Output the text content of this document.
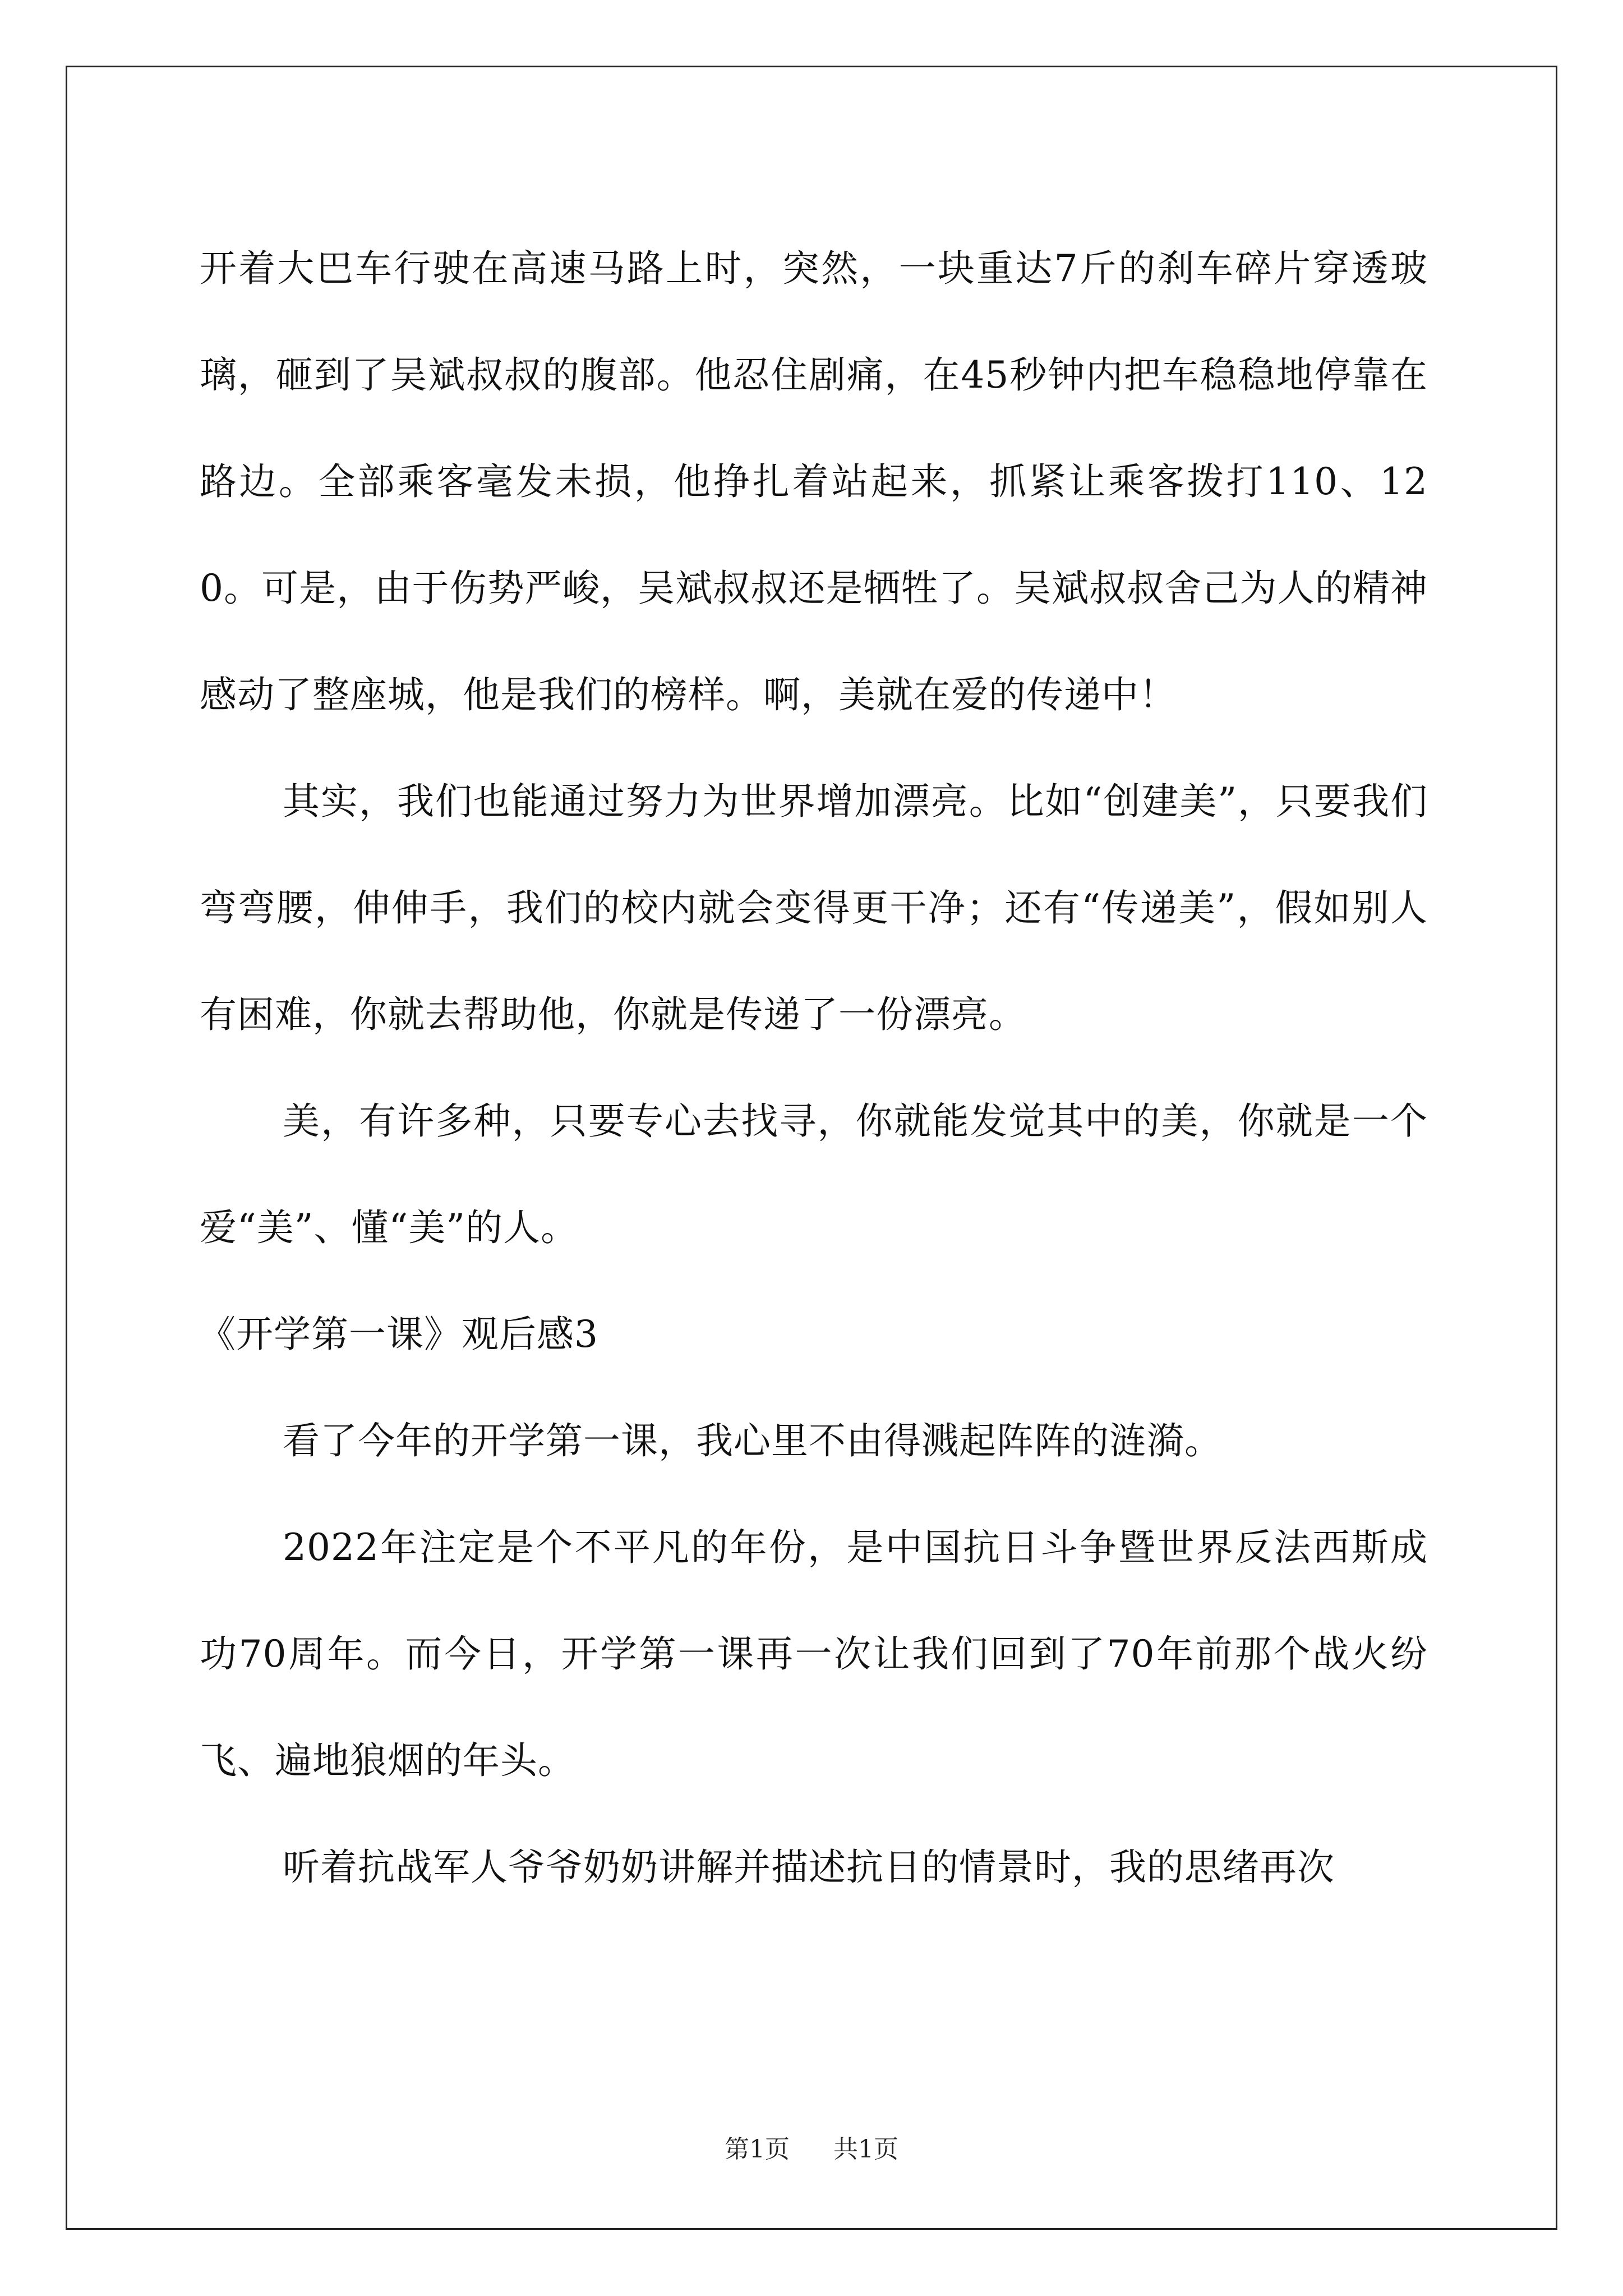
开着大巴车行驶在高速马路上时，突然，一块重达7斤的刹车碎片穿透玻璃，砸到了吴斌叔叔的腹部。他忍住剧痛，在45秒钟内把车稳稳地停靠在路边。全部乘客毫发未损，他挣扎着站起来，抓紧让乘客拨打110、120。可是，由于伤势严峻，吴斌叔叔还是牺牲了。吴斌叔叔舍己为人的精神感动了整座城，他是我们的榜样。啊，美就在爱的传递中！

其实，我们也能通过努力为世界增加漂亮。比如“创建美”，只要我们弯弯腰，伸伸手，我们的校内就会变得更干净；还有“传递美”，假如别人有困难，你就去帮助他，你就是传递了一份漂亮。

美，有许多种，只要专心去找寻，你就能发觉其中的美，你就是一个爱“美”、懂“美”的人。

《开学第一课》观后感3

看了今年的开学第一课，我心里不由得溅起阵阵的涟漪。

2022年注定是个不平凡的年份，是中国抗日斗争暨世界反法西斯成功70周年。而今日，开学第一课再一次让我们回到了70年前那个战火纷飞、遍地狼烟的年头。

听着抗战军人爷爷奶奶讲解并描述抗日的情景时，我的思绪再次

第1页 共1页
